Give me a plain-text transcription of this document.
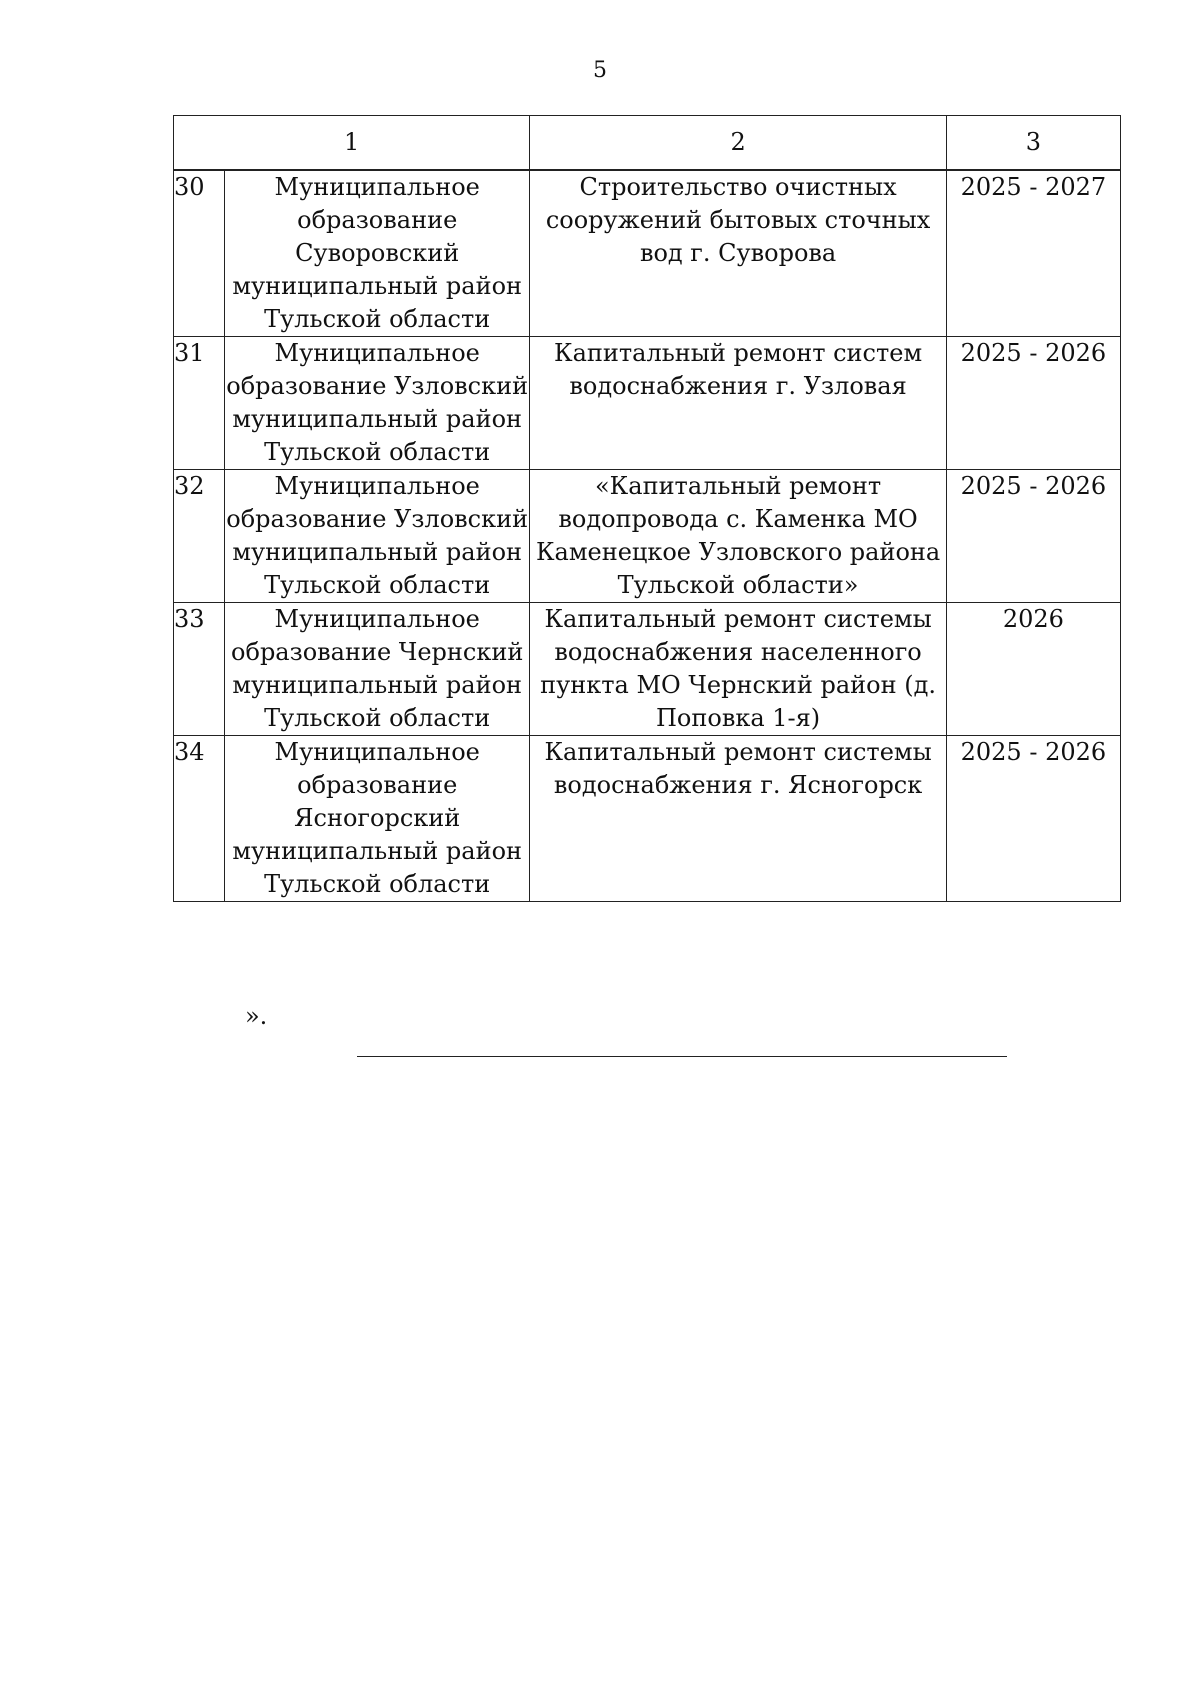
5
1		2	3
30	Муниципальное образование Суворовский муниципальный район Тульской области	Строительство очистных сооружений бытовых сточных вод г. Суворова	2025 - 2027
31	Муниципальное образование Узловский муниципальный район Тульской области	Капитальный ремонт систем водоснабжения г. Узловая	2025 - 2026
32	Муниципальное образование Узловский муниципальный район Тульской области	«Капитальный ремонт водопровода с. Каменка МО Каменецкое Узловского района Тульской области»	2025 - 2026
33	Муниципальное образование Чернский муниципальный район Тульской области	Капитальный ремонт системы водоснабжения населенного пункта МО Чернский район (д. Поповка 1-я)	2026
34	Муниципальное образование Ясногорский муниципальный район Тульской области	Капитальный ремонт системы водоснабжения г. Ясногорск	2025 - 2026
».
